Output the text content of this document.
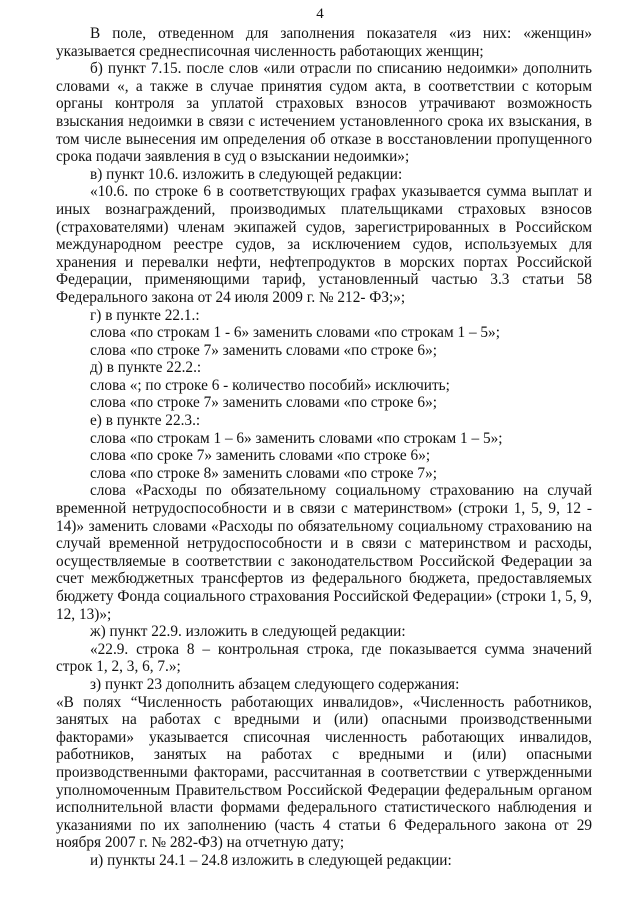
4

В поле, отведенном для заполнения показателя «из них: «женщин» указывается среднесписочная численность работающих женщин;

б) пункт 7.15. после слов «или отрасли по списанию недоимки» дополнить словами «, а также в случае принятия судом акта, в соответствии с которым органы контроля за уплатой страховых взносов утрачивают возможность взыскания недоимки в связи с истечением установленного срока их взыскания, в том числе вынесения им определения об отказе в восстановлении пропущенного срока подачи заявления в суд о взыскании недоимки»;

в) пункт 10.6. изложить в следующей редакции:

«10.6. по строке 6 в соответствующих графах указывается сумма выплат и иных вознаграждений, производимых плательщиками страховых взносов (страхователями) членам экипажей судов, зарегистрированных в Российском международном реестре судов, за исключением судов, используемых для хранения и перевалки нефти, нефтепродуктов в морских портах Российской Федерации, применяющими тариф, установленный частью 3.3 статьи 58 Федерального закона от 24 июля 2009 г. № 212- ФЗ;»;

г) в пункте 22.1.:

слова «по строкам 1 - 6» заменить словами «по строкам 1 – 5»;

слова «по строке 7» заменить словами «по строке 6»;

д) в пункте 22.2.:

слова «; по строке 6 - количество пособий» исключить;

слова «по строке 7» заменить словами «по строке 6»;

е) в пункте 22.3.:

слова «по строкам 1 – 6» заменить словами «по строкам 1 – 5»;

слова «по сроке 7» заменить словами «по строке 6»;

слова «по строке 8» заменить словами «по строке 7»;

слова «Расходы по обязательному социальному страхованию на случай временной нетрудоспособности и в связи с материнством» (строки 1, 5, 9, 12 - 14)» заменить словами «Расходы по обязательному социальному страхованию на случай временной нетрудоспособности и в связи с материнством и расходы, осуществляемые в соответствии с законодательством Российской Федерации за счет межбюджетных трансфертов из федерального бюджета, предоставляемых бюджету Фонда социального страхования Российской Федерации» (строки 1, 5, 9, 12, 13)»;

ж) пункт 22.9. изложить в следующей редакции:

«22.9. строка 8 – контрольная строка, где показывается сумма значений строк 1, 2, 3, 6, 7.»;

з) пункт 23 дополнить абзацем следующего содержания:

«В полях “Численность работающих инвалидов», «Численность работников, занятых на работах с вредными и (или) опасными производственными факторами» указывается списочная численность работающих инвалидов, работников, занятых на работах с вредными и (или) опасными производственными факторами, рассчитанная в соответствии с утвержденными уполномоченным Правительством Российской Федерации федеральным органом исполнительной власти формами федерального статистического наблюдения и указаниями по их заполнению (часть 4 статьи 6 Федерального закона от 29 ноября 2007 г. № 282-ФЗ) на отчетную дату;

и) пункты 24.1 – 24.8 изложить в следующей редакции:
